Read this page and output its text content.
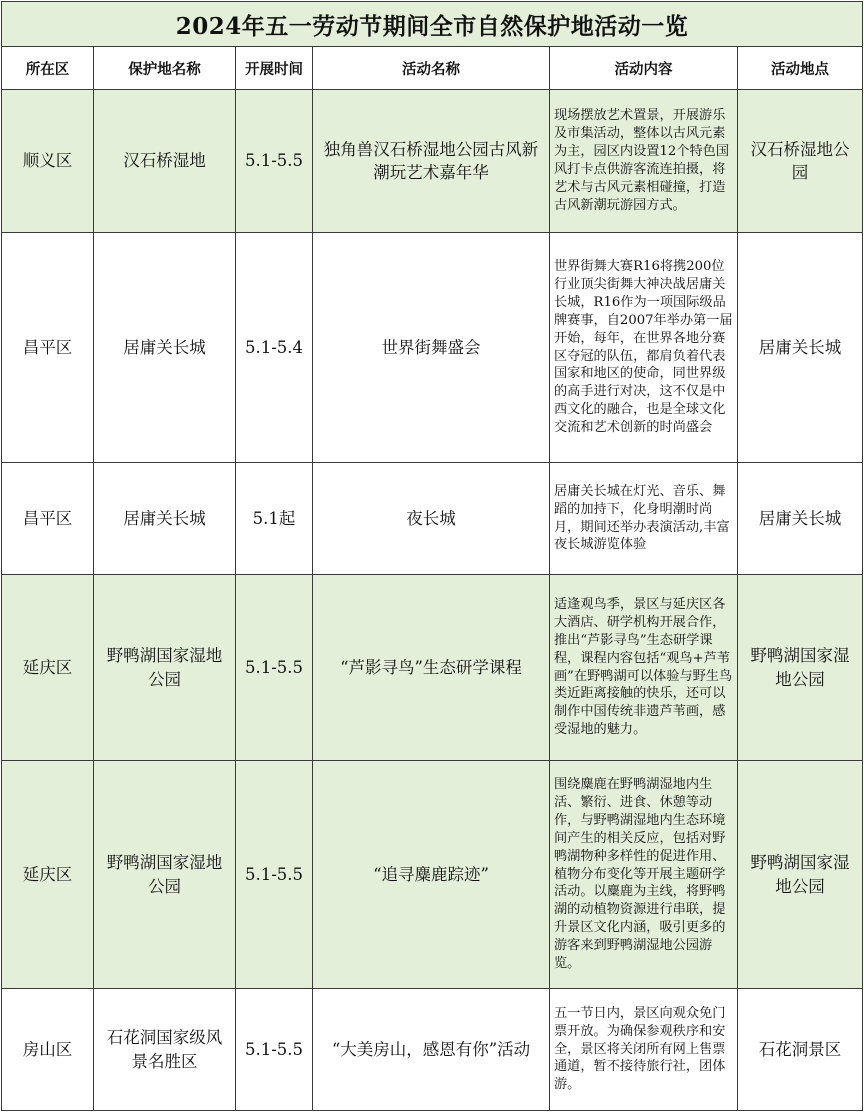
2024年五一劳动节期间全市自然保护地活动一览					
所在区	保护地名称	开展时间	活动名称	活动内容	活动地点
顺义区	汉石桥湿地	5.1-5.5	独角兽汉石桥湿地公园古风新潮玩艺术嘉年华	现场摆放艺术置景，开展游乐及市集活动，整体以古风元素为主，园区内设置12个特色国风打卡点供游客流连拍摄，将艺术与古风元素相碰撞，打造古风新潮玩游园方式。	汉石桥湿地公园
昌平区	居庸关长城	5.1-5.4	世界街舞盛会	世界街舞大赛R16将携200位行业顶尖街舞大神决战居庸关长城，R16作为一项国际级品牌赛事，自2007年举办第一届开始，每年，在世界各地分赛区夺冠的队伍，都肩负着代表国家和地区的使命，同世界级的高手进行对决，这不仅是中西文化的融合，也是全球文化交流和艺术创新的时尚盛会	居庸关长城
昌平区	居庸关长城	5.1起	夜长城	居庸关长城在灯光、音乐、舞蹈的加持下，化身明潮时尚月，期间还举办表演活动,丰富夜长城游览体验	居庸关长城
延庆区	野鸭湖国家湿地公园	5.1-5.5	“芦影寻鸟”生态研学课程	适逢观鸟季，景区与延庆区各大酒店、研学机构开展合作，推出“芦影寻鸟”生态研学课程，课程内容包括“观鸟+芦苇画”在野鸭湖可以体验与野生鸟类近距离接触的快乐，还可以制作中国传统非遗芦苇画，感受湿地的魅力。	野鸭湖国家湿地公园
延庆区	野鸭湖国家湿地公园	5.1-5.5	“追寻麋鹿踪迹”	围绕麋鹿在野鸭湖湿地内生活、繁衍、进食、休憩等动作，与野鸭湖湿地内生态环境间产生的相关反应，包括对野鸭湖物种多样性的促进作用、植物分布变化等开展主题研学活动。以麋鹿为主线，将野鸭湖的动植物资源进行串联，提升景区文化内涵，吸引更多的游客来到野鸭湖湿地公园游览。	野鸭湖国家湿地公园
房山区	石花洞国家级风景名胜区	5.1-5.5	“大美房山，感恩有你”活动	五一节日内，景区向观众免门票开放。为确保参观秩序和安全，景区将关闭所有网上售票通道，暂不接待旅行社，团体游。	石花洞景区
